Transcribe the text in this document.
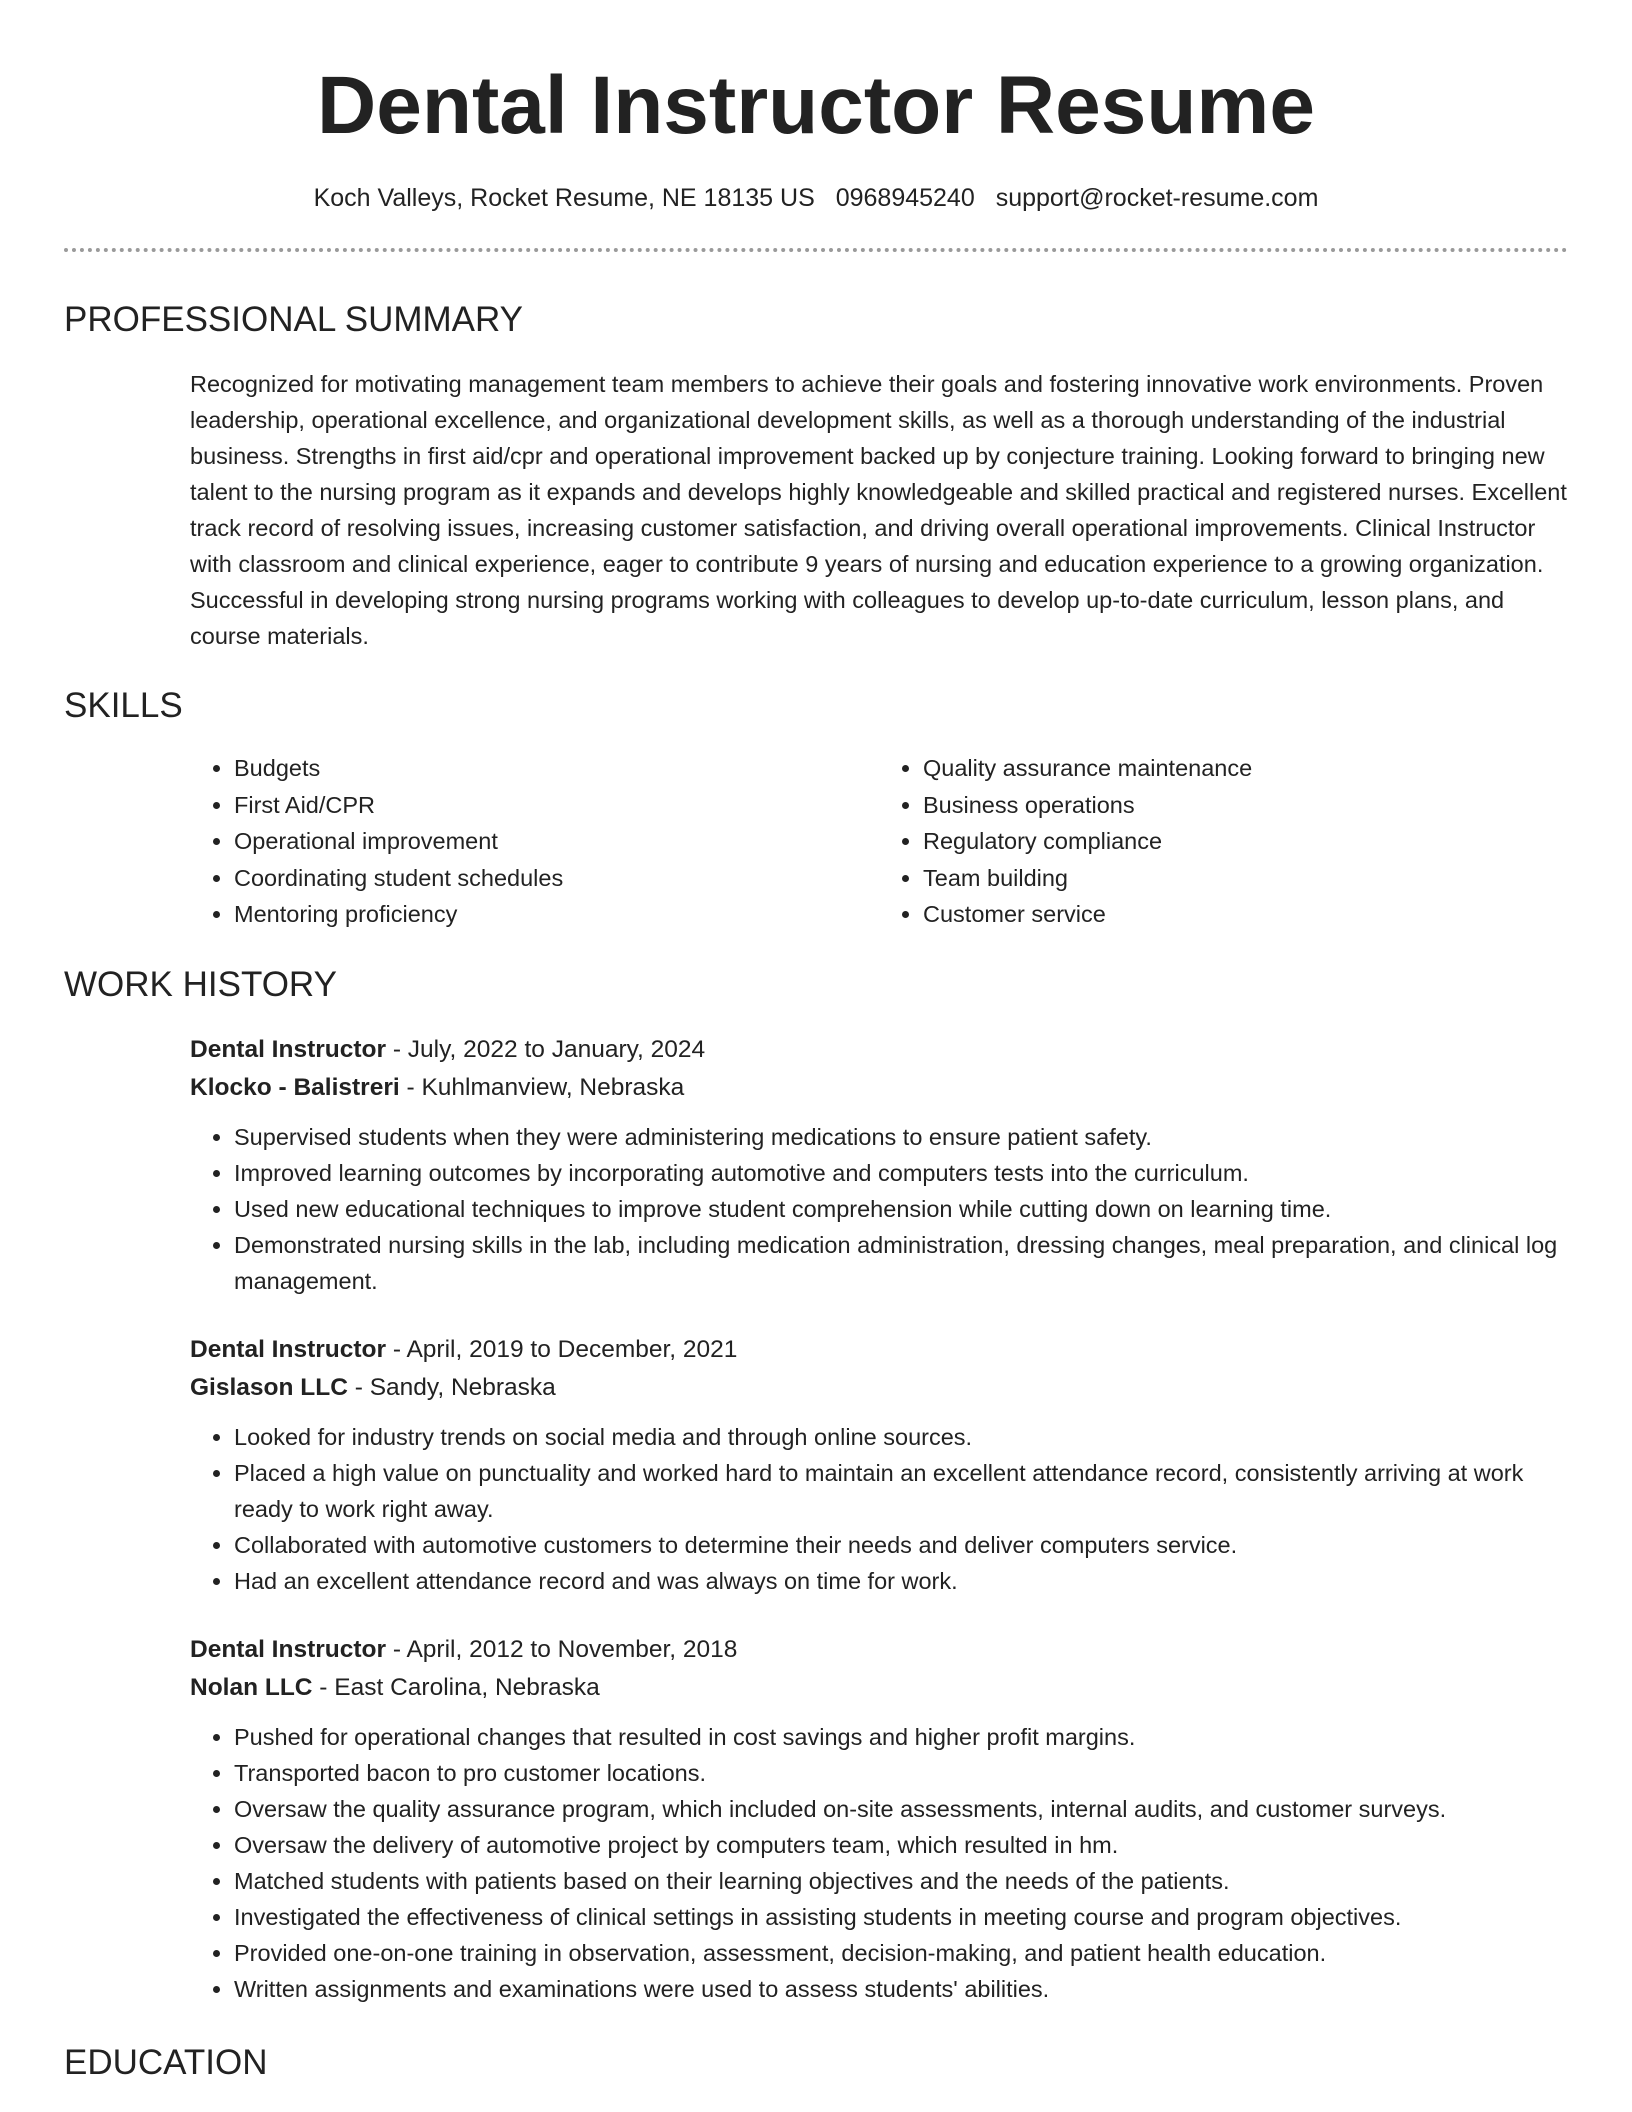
Dental Instructor Resume
Koch Valleys, Rocket Resume, NE 18135 US 0968945240 support@rocket-resume.com
PROFESSIONAL SUMMARY

Recognized for motivating management team members to achieve their goals and fostering innovative work environments. Proven leadership, operational excellence, and organizational development skills, as well as a thorough understanding of the industrial business. Strengths in first aid/cpr and operational improvement backed up by conjecture training. Looking forward to bringing new talent to the nursing program as it expands and develops highly knowledgeable and skilled practical and registered nurses. Excellent track record of resolving issues, increasing customer satisfaction, and driving overall operational improvements. Clinical Instructor with classroom and clinical experience, eager to contribute 9 years of nursing and education experience to a growing organization. Successful in developing strong nursing programs working with colleagues to develop up-to-date curriculum, lesson plans, and course materials.

SKILLS
• Budgets
• First Aid/CPR
• Operational improvement
• Coordinating student schedules
• Mentoring proficiency
• Quality assurance maintenance
• Business operations
• Regulatory compliance
• Team building
• Customer service
WORK HISTORY
Dental Instructor - July, 2022 to January, 2024
Klocko - Balistreri - Kuhlmanview, Nebraska
• Supervised students when they were administering medications to ensure patient safety.
• Improved learning outcomes by incorporating automotive and computers tests into the curriculum.
• Used new educational techniques to improve student comprehension while cutting down on learning time.
• Demonstrated nursing skills in the lab, including medication administration, dressing changes, meal preparation, and clinical log management.
Dental Instructor - April, 2019 to December, 2021
Gislason LLC - Sandy, Nebraska
• Looked for industry trends on social media and through online sources.
• Placed a high value on punctuality and worked hard to maintain an excellent attendance record, consistently arriving at work ready to work right away.
• Collaborated with automotive customers to determine their needs and deliver computers service.
• Had an excellent attendance record and was always on time for work.
Dental Instructor - April, 2012 to November, 2018
Nolan LLC - East Carolina, Nebraska
• Pushed for operational changes that resulted in cost savings and higher profit margins.
• Transported bacon to pro customer locations.
• Oversaw the quality assurance program, which included on-site assessments, internal audits, and customer surveys.
• Oversaw the delivery of automotive project by computers team, which resulted in hm.
• Matched students with patients based on their learning objectives and the needs of the patients.
• Investigated the effectiveness of clinical settings in assisting students in meeting course and program objectives.
• Provided one-on-one training in observation, assessment, decision-making, and patient health education.
• Written assignments and examinations were used to assess students' abilities.
EDUCATION
